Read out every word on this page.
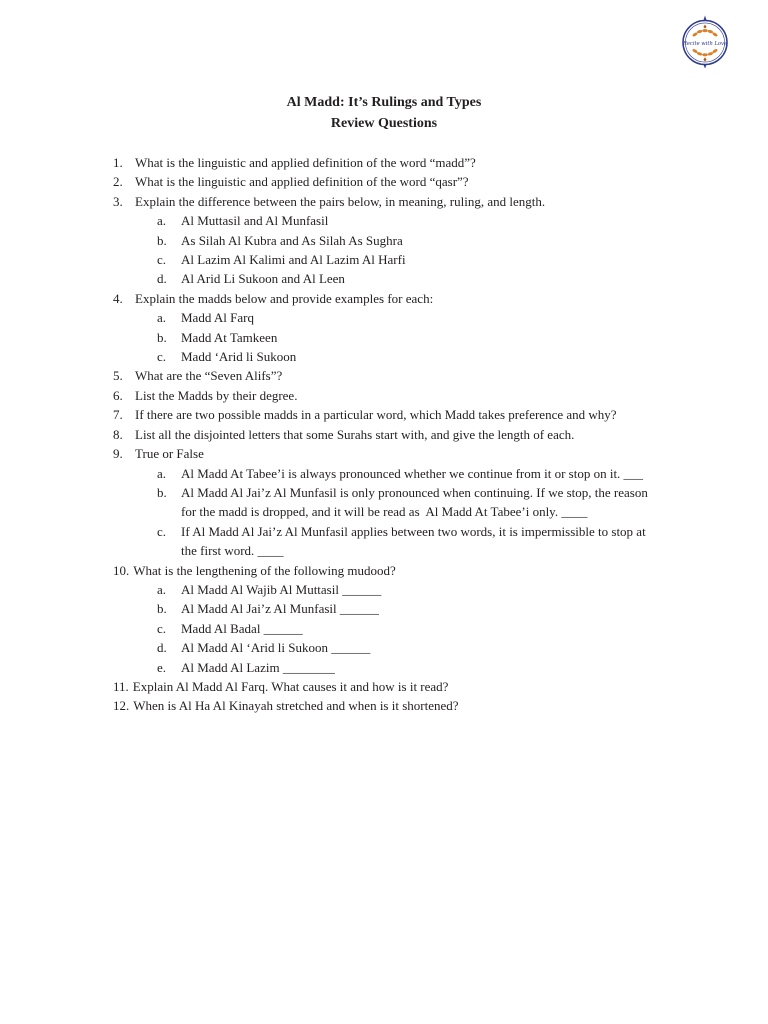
Recite with Love
Al Madd: It’s Rulings and Types
Review Questions
1. What is the linguistic and applied definition of the word “madd”?
2. What is the linguistic and applied definition of the word “qasr”?
3. Explain the difference between the pairs below, in meaning, ruling, and length.
a.	Al Muttasil and Al Munfasil
b.	As Silah Al Kubra and As Silah As Sughra
c.	Al Lazim Al Kalimi and Al Lazim Al Harfi
d.	Al Arid Li Sukoon and Al Leen
4. Explain the madds below and provide examples for each:
a.	Madd Al Farq
b.	Madd At Tamkeen
c.	Madd ‘Arid li Sukoon
5. What are the “Seven Alifs”?
6. List the Madds by their degree.
7. If there are two possible madds in a particular word, which Madd takes preference and why?
8. List all the disjointed letters that some Surahs start with, and give the length of each.
9. True or False
a.	Al Madd At Tabee’i is always pronounced whether we continue from it or stop on it. ___
b.	Al Madd Al Jai’z Al Munfasil is only pronounced when continuing. If we stop, the reason
for the madd is dropped, and it will be read as  Al Madd At Tabee’i only. ____
c.	If Al Madd Al Jai’z Al Munfasil applies between two words, it is impermissible to stop at
the first word. ____
10. What is the lengthening of the following mudood?
a.	Al Madd Al Wajib Al Muttasil ______
b.	Al Madd Al Jai’z Al Munfasil ______
c.	Madd Al Badal ______
d.	Al Madd Al ‘Arid li Sukoon ______
e.	Al Madd Al Lazim ________
11. Explain Al Madd Al Farq. What causes it and how is it read?
12. When is Al Ha Al Kinayah stretched and when is it shortened?
